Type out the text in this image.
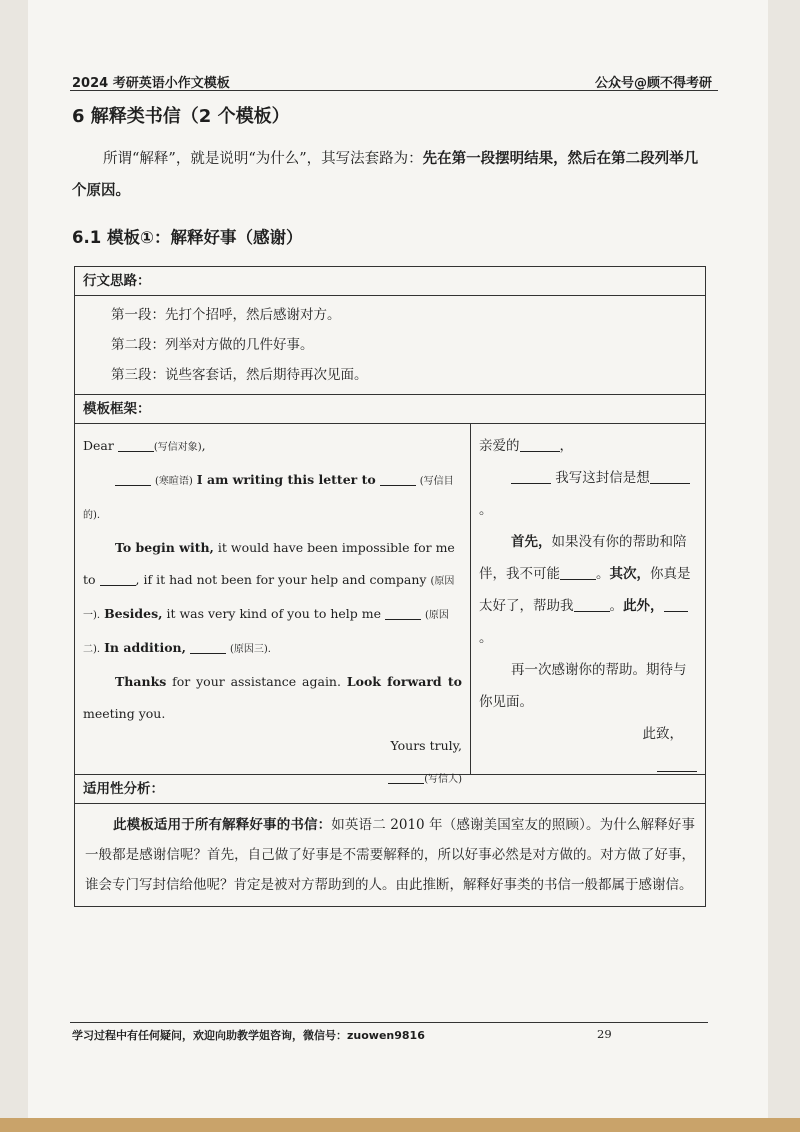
2024 考研英语小作文模板	公众号@顾不得考研
6 解释类书信（2 个模板）
所谓“解释”，就是说明“为什么”，其写法套路为：先在第一段摆明结果，然后在第二段列举几个原因。
6.1 模板①：解释好事（感谢）
行文思路：
第一段：先打个招呼，然后感谢对方。
第二段：列举对方做的几件好事。
第三段：说些客套话，然后期待再次见面。
模板框架：

Dear	(写信对象),

(寒暄语) I am writing this letter to	(写信目的).

To begin with, it would have been impossible for me to	, if it had not been for your help and company (原因一). Besides, it was very kind of you to help me	(原因二). In addition,	(原因三).

Thanks for your assistance again. Look forward to meeting you.

Yours truly,

(写信人)

亲爱的	，

我写这封信是想。

首先，如果没有你的帮助和陪伴，我不可能	。其次，你真是太好了，帮助我	。此外，。

再一次感谢你的帮助。期待与你见面。

此致，

适用性分析：
此模板适用于所有解释好事的书信：如英语二 2010 年（感谢美国室友的照顾）。为什么解释好事一般都是感谢信呢？首先，自己做了好事是不需要解释的，所以好事必然是对方做的。对方做了好事，谁会专门写封信给他呢？肯定是被对方帮助到的人。由此推断，解释好事类的书信一般都属于感谢信。
学习过程中有任何疑问，欢迎向助教学姐咨询，微信号：zuowen9816	29
